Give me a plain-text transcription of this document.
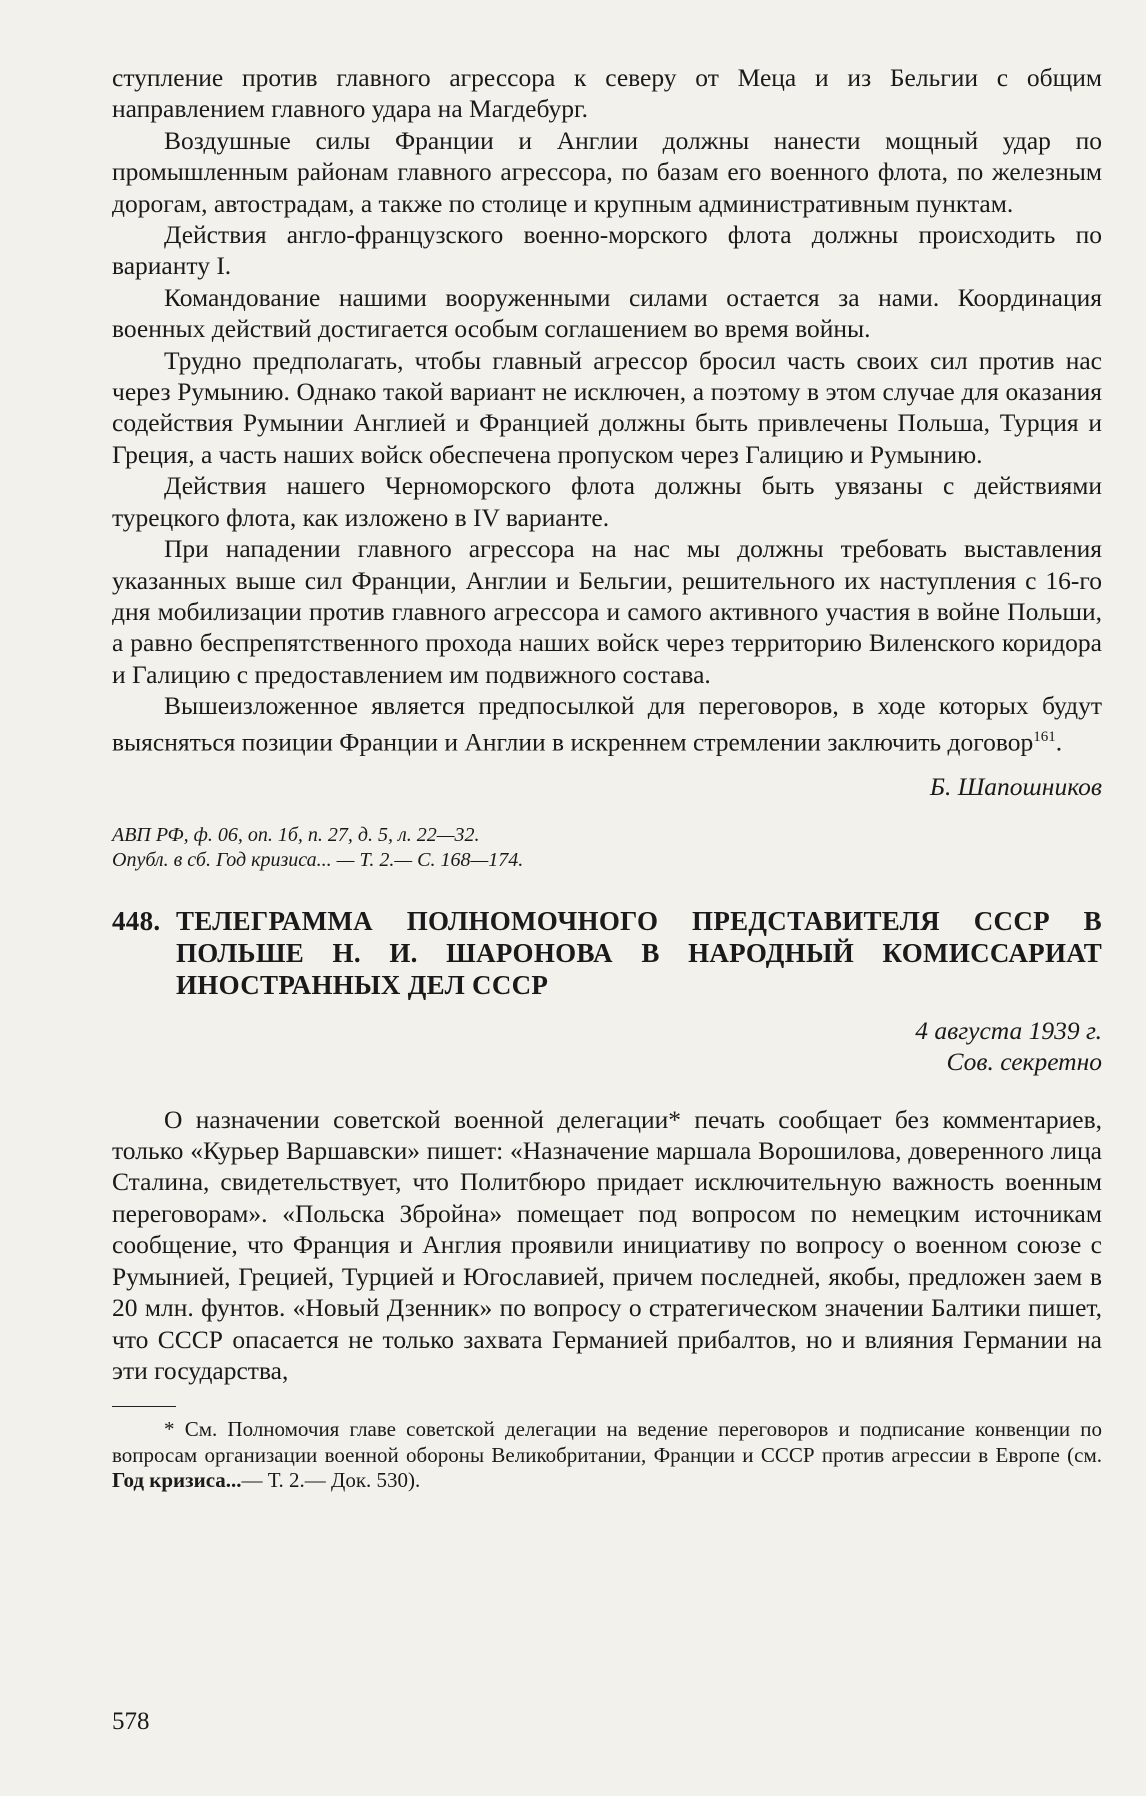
ступление против главного агрессора к северу от Меца и из Бельгии с общим направлением главного удара на Магдебург.

Воздушные силы Франции и Англии должны нанести мощный удар по промышленным районам главного агрессора, по базам его военного флота, по железным дорогам, автострадам, а также по столице и крупным административным пунктам.

Действия англо-французского военно-морского флота должны происходить по варианту I.

Командование нашими вооруженными силами остается за нами. Координация военных действий достигается особым соглашением во время войны.

Трудно предполагать, чтобы главный агрессор бросил часть своих сил против нас через Румынию. Однако такой вариант не исключен, а поэтому в этом случае для оказания содействия Румынии Англией и Францией должны быть привлечены Польша, Турция и Греция, а часть наших войск обеспечена пропуском через Галицию и Румынию.

Действия нашего Черноморского флота должны быть увязаны с действиями турецкого флота, как изложено в IV варианте.

При нападении главного агрессора на нас мы должны требовать выставления указанных выше сил Франции, Англии и Бельгии, решительного их наступления с 16-го дня мобилизации против главного агрессора и самого активного участия в войне Польши, а равно беспрепятственного прохода наших войск через территорию Виленского коридора и Галицию с предоставлением им подвижного состава.

Вышеизложенное является предпосылкой для переговоров, в ходе которых будут выясняться позиции Франции и Англии в искреннем стремлении заключить договор$^{161}$.

Б. Шапошников
АВП РФ, ф. 06, оп. 1б, п. 27, д. 5, л. 22—32.
Опубл. в сб. Год кризиса... — Т. 2.— С. 168—174.
448. ТЕЛЕГРАММА ПОЛНОМОЧНОГО ПРЕДСТАВИТЕЛЯ СССР В ПОЛЬШЕ Н. И. ШАРОНОВА В НАРОДНЫЙ КОМИССАРИАТ ИНОСТРАННЫХ ДЕЛ СССР
4 августа 1939 г.
Сов. секретно

О назначении советской военной делегации* печать сообщает без комментариев, только «Курьер Варшавски» пишет: «Назначение маршала Ворошилова, доверенного лица Сталина, свидетельствует, что Политбюро придает исключительную важность военным переговорам». «Польска Збройна» помещает под вопросом по немецким источникам сообщение, что Франция и Англия проявили инициативу по вопросу о военном союзе с Румынией, Грецией, Турцией и Югославией, причем последней, якобы, предложен заем в 20 млн. фунтов. «Новый Дзенник» по вопросу о стратегическом значении Балтики пишет, что СССР опасается не только захвата Германией прибалтов, но и влияния Германии на эти государства,

* См. Полномочия главе советской делегации на ведение переговоров и подписание конвенции по вопросам организации военной обороны Великобритании, Франции и СССР против агрессии в Европе (см. Год кризиса...— Т. 2.— Док. 530).
578
